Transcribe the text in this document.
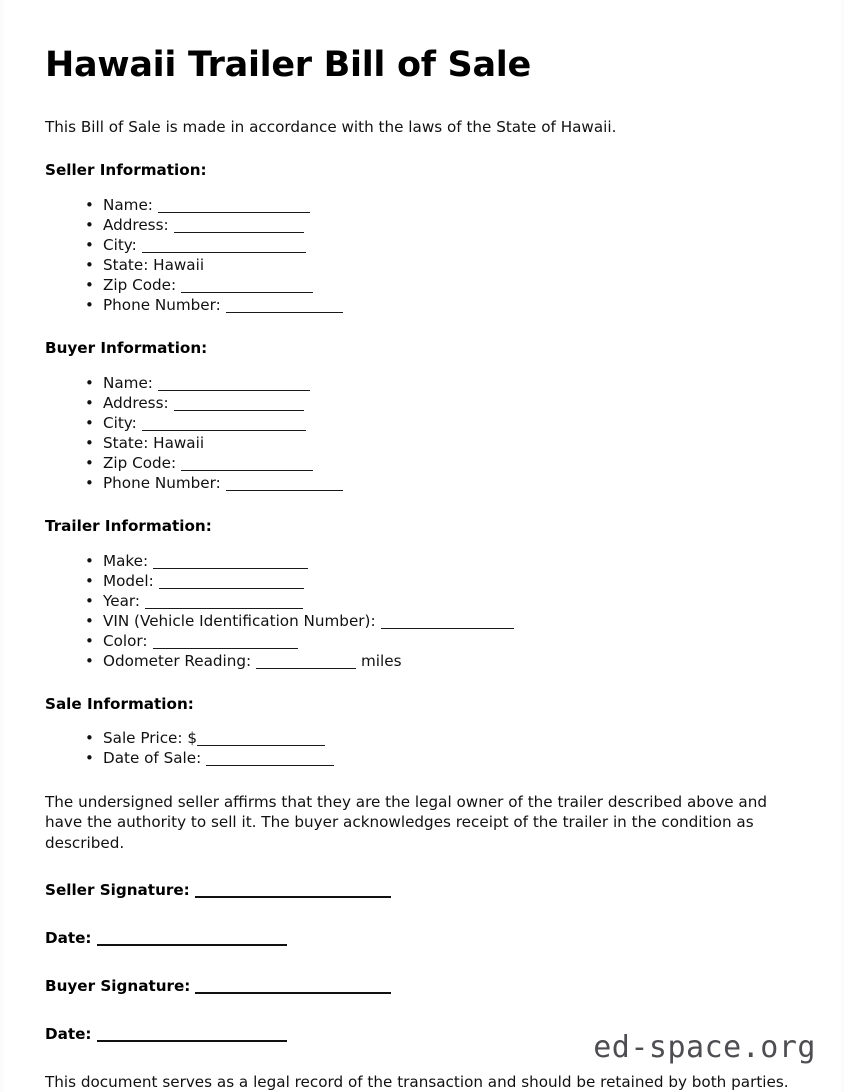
Hawaii Trailer Bill of Sale

This Bill of Sale is made in accordance with the laws of the State of Hawaii.

Seller Information:
• Name:
• Address:
• City:
• State: Hawaii
• Zip Code:
• Phone Number:
Buyer Information:
• Name:
• Address:
• City:
• State: Hawaii
• Zip Code:
• Phone Number:
Trailer Information:
• Make:
• Model:
• Year:
• VIN (Vehicle Identification Number):
• Color:
• Odometer Reading:	miles
Sale Information:
• Sale Price: $
• Date of Sale:

The undersigned seller affirms that they are the legal owner of the trailer described above and have the authority to sell it. The buyer acknowledges receipt of the trailer in the condition as described.

Seller Signature:
Date:
Buyer Signature:
Date:

This document serves as a legal record of the transaction and should be retained by both parties.

ed-space.org
